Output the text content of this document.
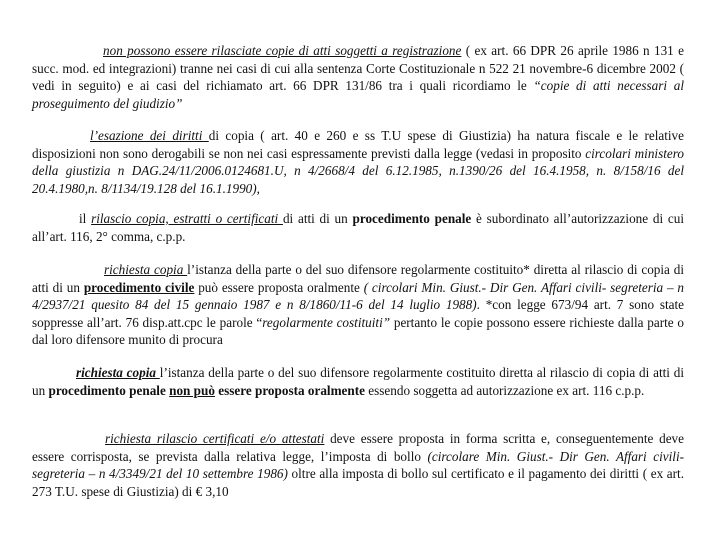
non possono essere rilasciate copie di atti soggetti a registrazione ( ex art. 66 DPR 26 aprile 1986 n 131 e succ. mod. ed integrazioni) tranne nei casi di cui alla sentenza Corte Costituzionale n 522 21 novembre-6 dicembre 2002 ( vedi in seguito) e ai casi del richiamato art. 66 DPR 131/86 tra i quali ricordiamo le “copie di atti necessari al proseguimento del giudizio”

l’esazione dei diritti di copia ( art. 40 e 260 e ss T.U spese di Giustizia) ha natura fiscale e le relative disposizioni non sono derogabili se non nei casi espressamente previsti dalla legge (vedasi in proposito circolari ministero della giustizia n DAG.24/11/2006.0124681.U, n 4/2668/4 del 6.12.1985, n.1390/26 del 16.4.1958, n. 8/158/16 del 20.4.1980,n. 8/1134/19.128 del 16.1.1990),

il rilascio copia, estratti o certificati di atti di un procedimento penale è subordinato all’autorizzazione di cui all’art. 116, 2° comma, c.p.p.

richiesta copia l’istanza della parte o del suo difensore regolarmente costituito* diretta al rilascio di copia di atti di un procedimento civile può essere proposta oralmente ( circolari Min. Giust.- Dir Gen. Affari civili- segreteria – n 4/2937/21 quesito 84 del 15 gennaio 1987 e n 8/1860/11-6 del 14 luglio 1988). *con legge 673/94 art. 7 sono state soppresse all’art. 76 disp.att.cpc le parole “regolarmente costituiti” pertanto le copie possono essere richieste dalla parte o dal loro difensore munito di procura

richiesta copia l’istanza della parte o del suo difensore regolarmente costituito diretta al rilascio di copia di atti di un procedimento penale non può essere proposta oralmente essendo soggetta ad autorizzazione ex art. 116 c.p.p.

richiesta rilascio certificati e/o attestati deve essere proposta in forma scritta e, conseguentemente deve essere corrisposta, se prevista dalla relativa legge, l’imposta di bollo (circolare Min. Giust.- Dir Gen. Affari civili- segreteria – n 4/3349/21 del 10 settembre 1986) oltre alla imposta di bollo sul certificato e il pagamento dei diritti ( ex art. 273 T.U. spese di Giustizia) di € 3,10
